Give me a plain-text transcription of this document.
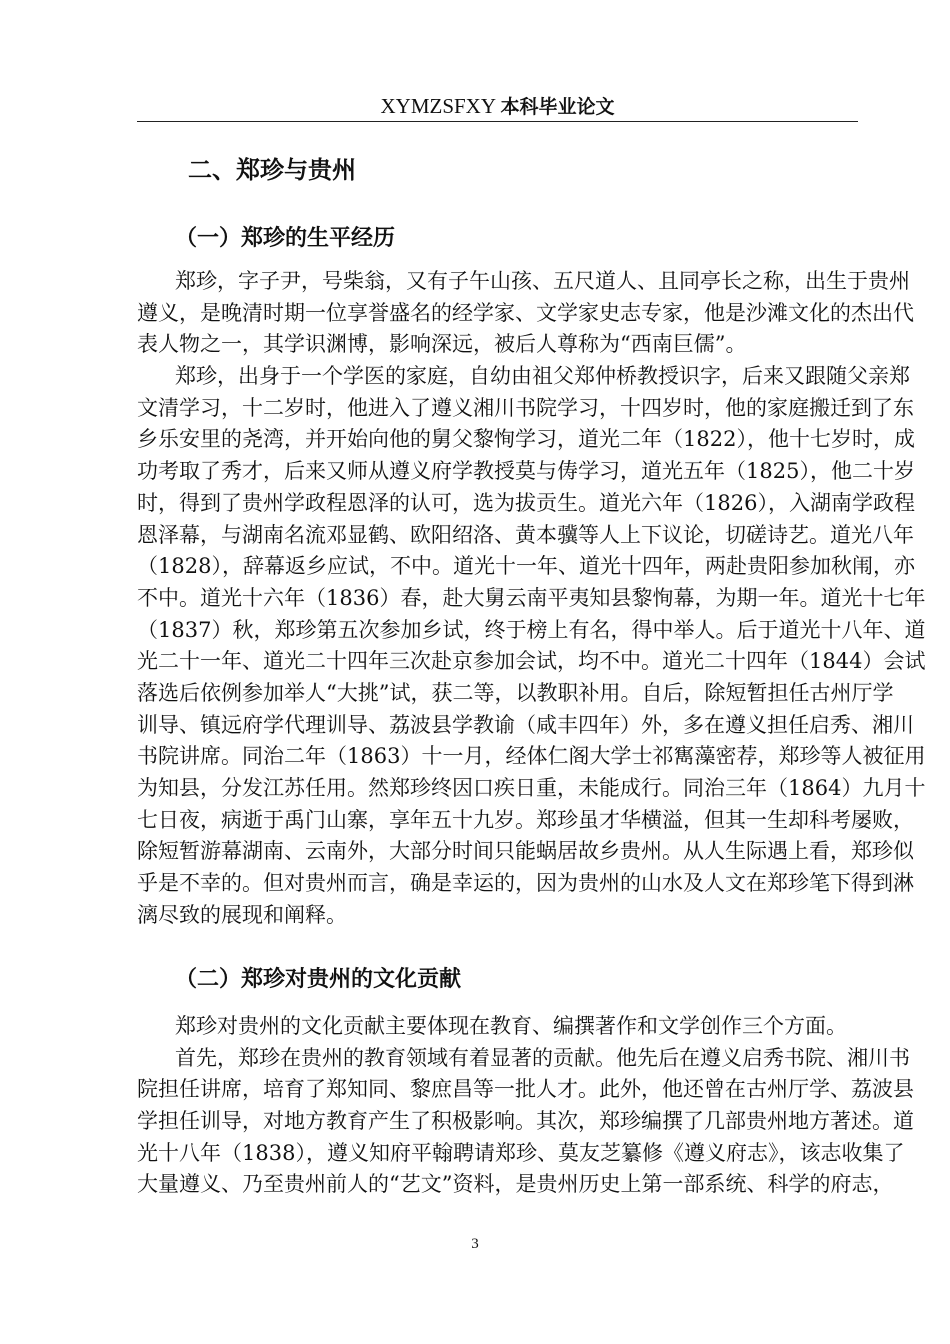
XYMZSFXY 本科毕业论文
二、郑珍与贵州
（一）郑珍的生平经历
郑珍，字子尹，号柴翁，又有子午山孩、五尺道人、且同亭长之称，出生于贵州
遵义，是晚清时期一位享誉盛名的经学家、文学家史志专家，他是沙滩文化的杰出代
表人物之一，其学识渊博，影响深远，被后人尊称为“西南巨儒”。
郑珍，出身于一个学医的家庭，自幼由祖父郑仲桥教授识字，后来又跟随父亲郑
文清学习，十二岁时，他进入了遵义湘川书院学习，十四岁时，他的家庭搬迁到了东
乡乐安里的尧湾，并开始向他的舅父黎恂学习，道光二年（1822），他十七岁时，成
功考取了秀才，后来又师从遵义府学教授莫与俦学习，道光五年（1825），他二十岁
时，得到了贵州学政程恩泽的认可，选为拔贡生。道光六年（1826），入湖南学政程
恩泽幕，与湖南名流邓显鹤、欧阳绍洛、黄本骥等人上下议论，切磋诗艺。道光八年
（1828），辞幕返乡应试，不中。道光十一年、道光十四年，两赴贵阳参加秋闱，亦
不中。道光十六年（1836）春，赴大舅云南平夷知县黎恂幕，为期一年。道光十七年
（1837）秋，郑珍第五次参加乡试，终于榜上有名，得中举人。后于道光十八年、道
光二十一年、道光二十四年三次赴京参加会试，均不中。道光二十四年（1844）会试
落选后依例参加举人“大挑”试，获二等，以教职补用。自后，除短暂担任古州厅学
训导、镇远府学代理训导、荔波县学教谕（咸丰四年）外，多在遵义担任启秀、湘川
书院讲席。同治二年（1863）十一月，经体仁阁大学士祁寯藻密荐，郑珍等人被征用
为知县，分发江苏任用。然郑珍终因口疾日重，未能成行。同治三年（1864）九月十
七日夜，病逝于禹门山寨，享年五十九岁。郑珍虽才华横溢，但其一生却科考屡败，
除短暂游幕湖南、云南外，大部分时间只能蜗居故乡贵州。从人生际遇上看，郑珍似
乎是不幸的。但对贵州而言，确是幸运的，因为贵州的山水及人文在郑珍笔下得到淋
漓尽致的展现和阐释。
（二）郑珍对贵州的文化贡献
郑珍对贵州的文化贡献主要体现在教育、编撰著作和文学创作三个方面。
首先，郑珍在贵州的教育领域有着显著的贡献。他先后在遵义启秀书院、湘川书
院担任讲席，培育了郑知同、黎庶昌等一批人才。此外，他还曾在古州厅学、荔波县
学担任训导，对地方教育产生了积极影响。其次，郑珍编撰了几部贵州地方著述。道
光十八年（1838），遵义知府平翰聘请郑珍、莫友芝纂修《遵义府志》，该志收集了
大量遵义、乃至贵州前人的“艺文”资料，是贵州历史上第一部系统、科学的府志，
3
